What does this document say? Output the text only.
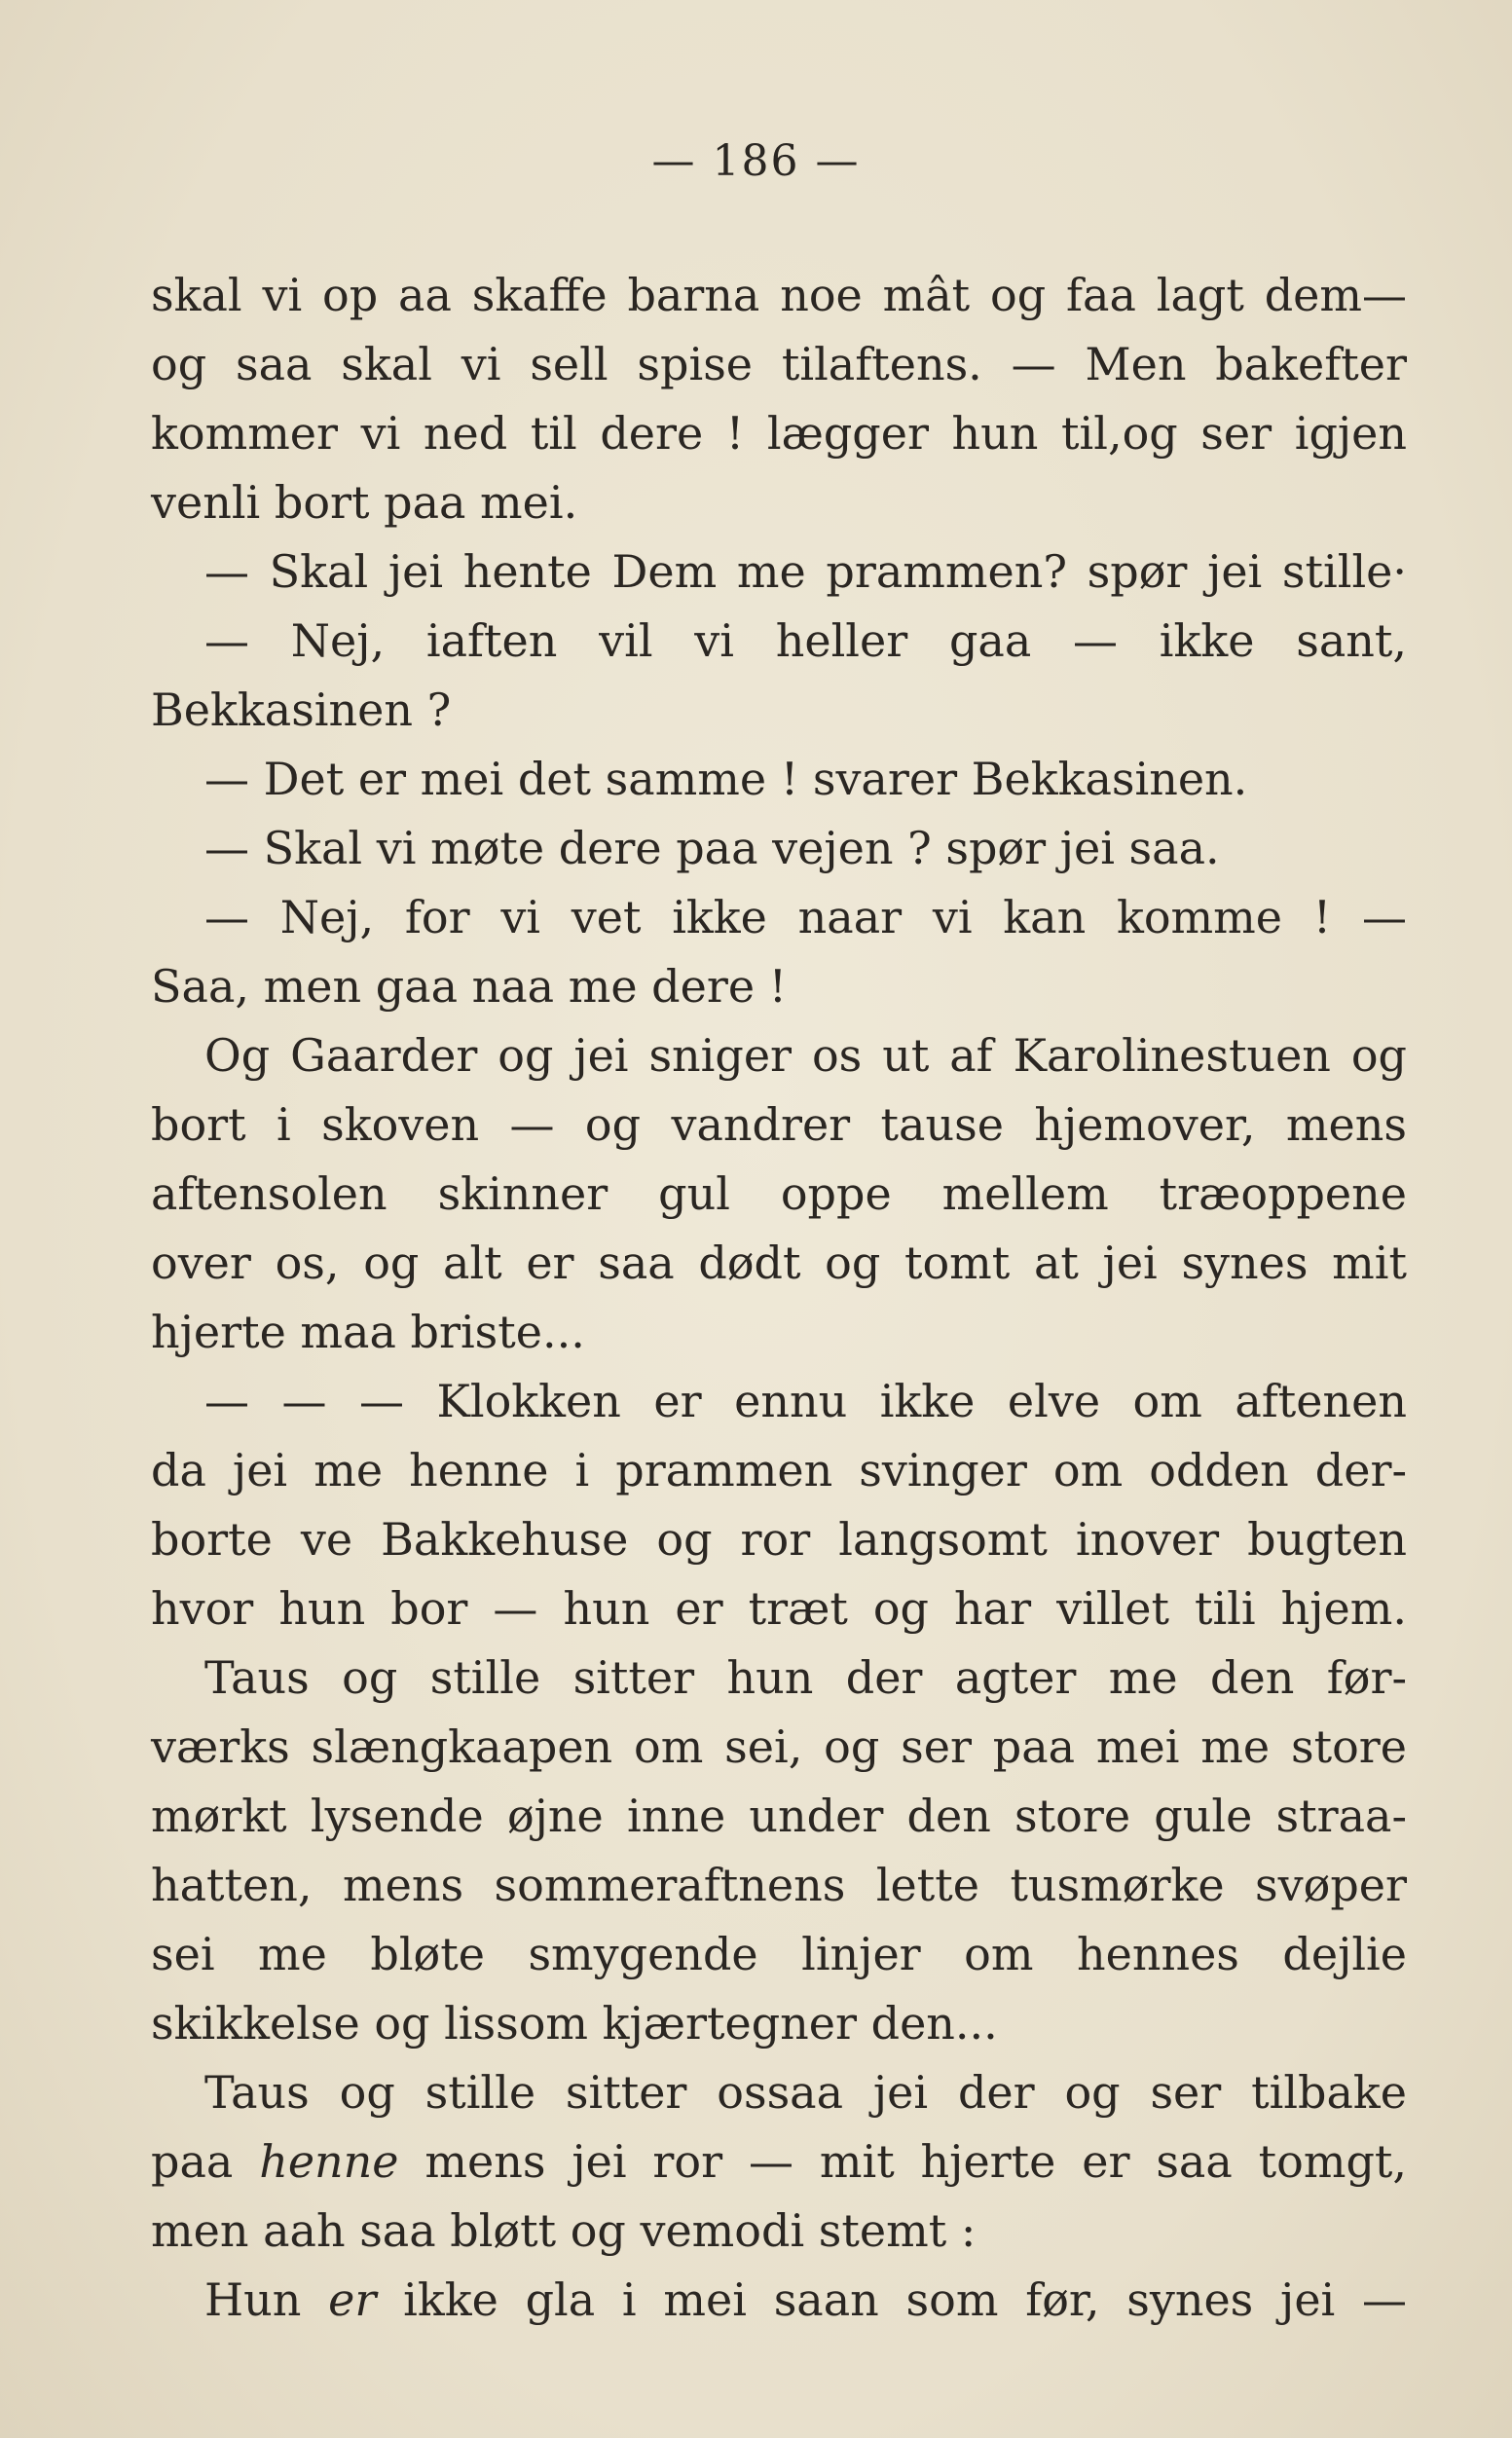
— 186 —
skal vi op aa skaffe barna noe mât og faa lagt dem—
og saa skal vi sell spise tilaftens. — Men bakefter
kommer vi ned til dere ! lægger hun til,og ser igjen
venli bort paa mei.
— Skal jei hente Dem me prammen? spør jei stille·
— Nej, iaften vil vi heller gaa — ikke sant,
Bekkasinen ?
— Det er mei det samme ! svarer Bekkasinen.
— Skal vi møte dere paa vejen ? spør jei saa.
— Nej, for vi vet ikke naar vi kan komme ! —
Saa, men gaa naa me dere !
Og Gaarder og jei sniger os ut af Karolinestuen og
bort i skoven — og vandrer tause hjemover, mens
aftensolen skinner gul oppe mellem træoppene
over os, og alt er saa dødt og tomt at jei synes mit
hjerte maa briste...
— — — Klokken er ennu ikke elve om aftenen
da jei me henne i prammen svinger om odden der-
borte ve Bakkehuse og ror langsomt inover bugten
hvor hun bor — hun er træt og har villet tili hjem.
Taus og stille sitter hun der agter me den før-
værks slængkaapen om sei, og ser paa mei me store
mørkt lysende øjne inne under den store gule straa-
hatten, mens sommeraftnens lette tusmørke svøper
sei me bløte smygende linjer om hennes dejlie
skikkelse og lissom kjærtegner den...
Taus og stille sitter ossaa jei der og ser tilbake
paa henne mens jei ror — mit hjerte er saa tomgt,
men aah saa bløtt og vemodi stemt :
Hun er ikke gla i mei saan som før, synes jei —
